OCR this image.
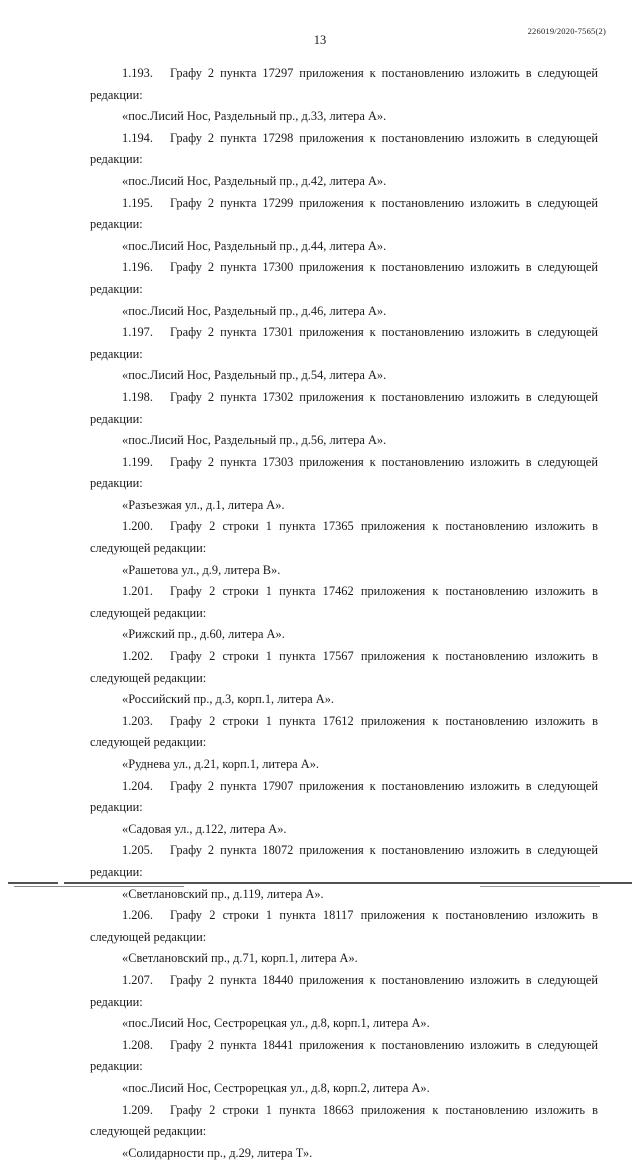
226019/2020-7565(2)
13

1.193. Графу 2 пункта 17297 приложения к постановлению изложить в следующей редакции:

«пос.Лисий Нос, Раздельный пр., д.33, литера А».

1.194. Графу 2 пункта 17298 приложения к постановлению изложить в следующей редакции:

«пос.Лисий Нос, Раздельный пр., д.42, литера А».

1.195. Графу 2 пункта 17299 приложения к постановлению изложить в следующей редакции:

«пос.Лисий Нос, Раздельный пр., д.44, литера А».

1.196. Графу 2 пункта 17300 приложения к постановлению изложить в следующей редакции:

«пос.Лисий Нос, Раздельный пр., д.46, литера А».

1.197. Графу 2 пункта 17301 приложения к постановлению изложить в следующей редакции:

«пос.Лисий Нос, Раздельный пр., д.54, литера А».

1.198. Графу 2 пункта 17302 приложения к постановлению изложить в следующей редакции:

«пос.Лисий Нос, Раздельный пр., д.56, литера А».

1.199. Графу 2 пункта 17303 приложения к постановлению изложить в следующей редакции:

«Разъезжая ул., д.1, литера А».

1.200. Графу 2 строки 1 пункта 17365 приложения к постановлению изложить в следующей редакции:

«Рашетова ул., д.9, литера В».

1.201. Графу 2 строки 1 пункта 17462 приложения к постановлению изложить в следующей редакции:

«Рижский пр., д.60, литера А».

1.202. Графу 2 строки 1 пункта 17567 приложения к постановлению изложить в следующей редакции:

«Российский пр., д.3, корп.1, литера А».

1.203. Графу 2 строки 1 пункта 17612 приложения к постановлению изложить в следующей редакции:

«Руднева ул., д.21, корп.1, литера А».

1.204. Графу 2 пункта 17907 приложения к постановлению изложить в следующей редакции:

«Садовая ул., д.122, литера А».

1.205. Графу 2 пункта 18072 приложения к постановлению изложить в следующей редакции:

«Светлановский пр., д.119, литера А».

1.206. Графу 2 строки 1 пункта 18117 приложения к постановлению изложить в следующей редакции:

«Светлановский пр., д.71, корп.1, литера А».

1.207. Графу 2 пункта 18440 приложения к постановлению изложить в следующей редакции:

«пос.Лисий Нос, Сестрорецкая ул., д.8, корп.1, литера А».

1.208. Графу 2 пункта 18441 приложения к постановлению изложить в следующей редакции:

«пос.Лисий Нос, Сестрорецкая ул., д.8, корп.2, литера А».

1.209. Графу 2 строки 1 пункта 18663 приложения к постановлению изложить в следующей редакции:

«Солидарности пр., д.29, литера Т».
